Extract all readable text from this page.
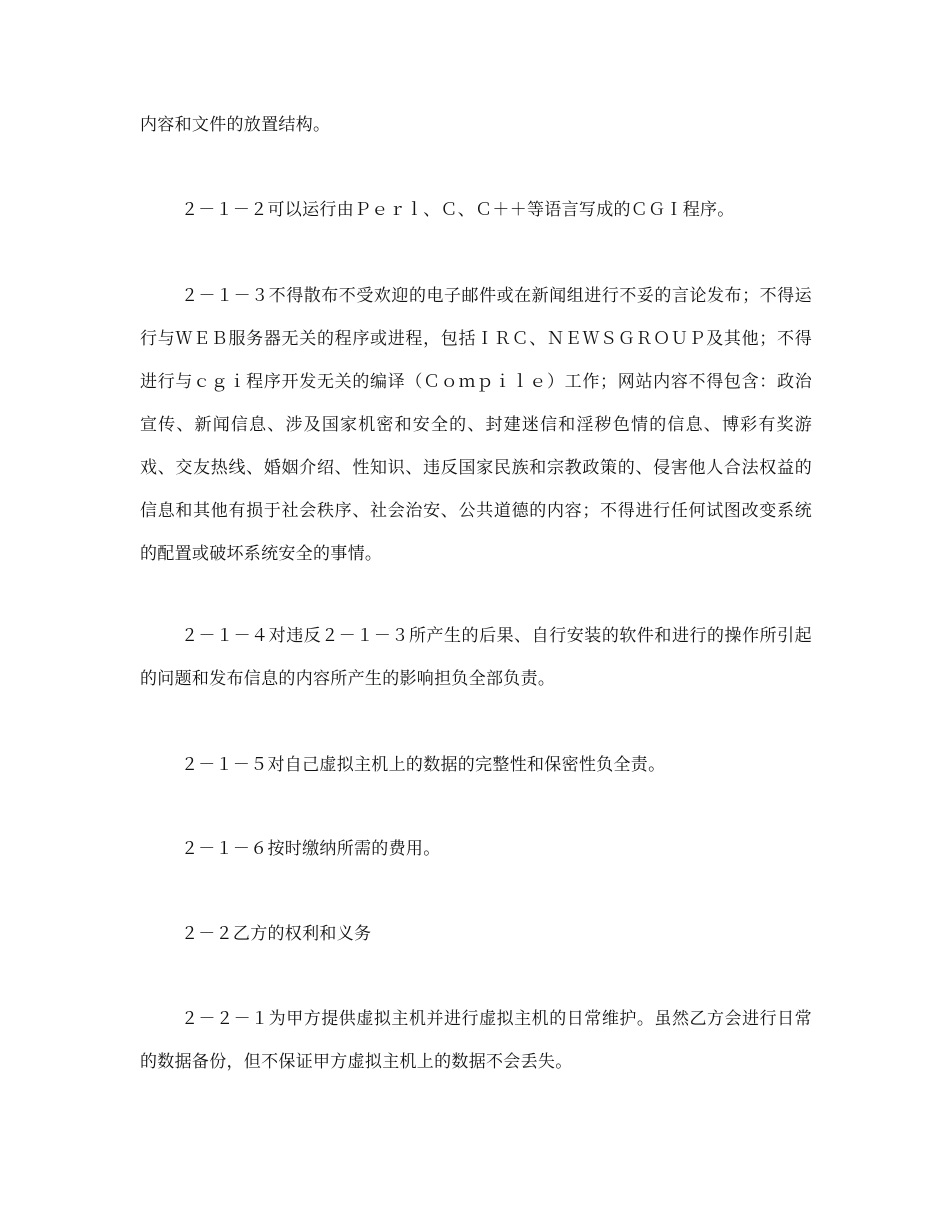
内容和文件的放置结构。

２－１－２可以运行由Ｐｅｒｌ、Ｃ、Ｃ＋＋等语言写成的ＣＧＩ程序。

２－１－３不得散布不受欢迎的电子邮件或在新闻组进行不妥的言论发布；不得运行与ＷＥＢ服务器无关的程序或进程，包括ＩＲＣ、ＮＥＷＳＧＲＯＵＰ及其他；不得进行与ｃｇｉ程序开发无关的编译（Ｃｏｍｐｉｌｅ）工作；网站内容不得包含：政治宣传、新闻信息、涉及国家机密和安全的、封建迷信和淫秽色情的信息、博彩有奖游戏、交友热线、婚姻介绍、性知识、违反国家民族和宗教政策的、侵害他人合法权益的信息和其他有损于社会秩序、社会治安、公共道德的内容；不得进行任何试图改变系统的配置或破坏系统安全的事情。

２－１－４对违反２－１－３所产生的后果、自行安装的软件和进行的操作所引起的问题和发布信息的内容所产生的影响担负全部负责。

２－１－５对自己虚拟主机上的数据的完整性和保密性负全责。

２－１－６按时缴纳所需的费用。

２－２乙方的权利和义务

２－２－１为甲方提供虚拟主机并进行虚拟主机的日常维护。虽然乙方会进行日常的数据备份，但不保证甲方虚拟主机上的数据不会丢失。
